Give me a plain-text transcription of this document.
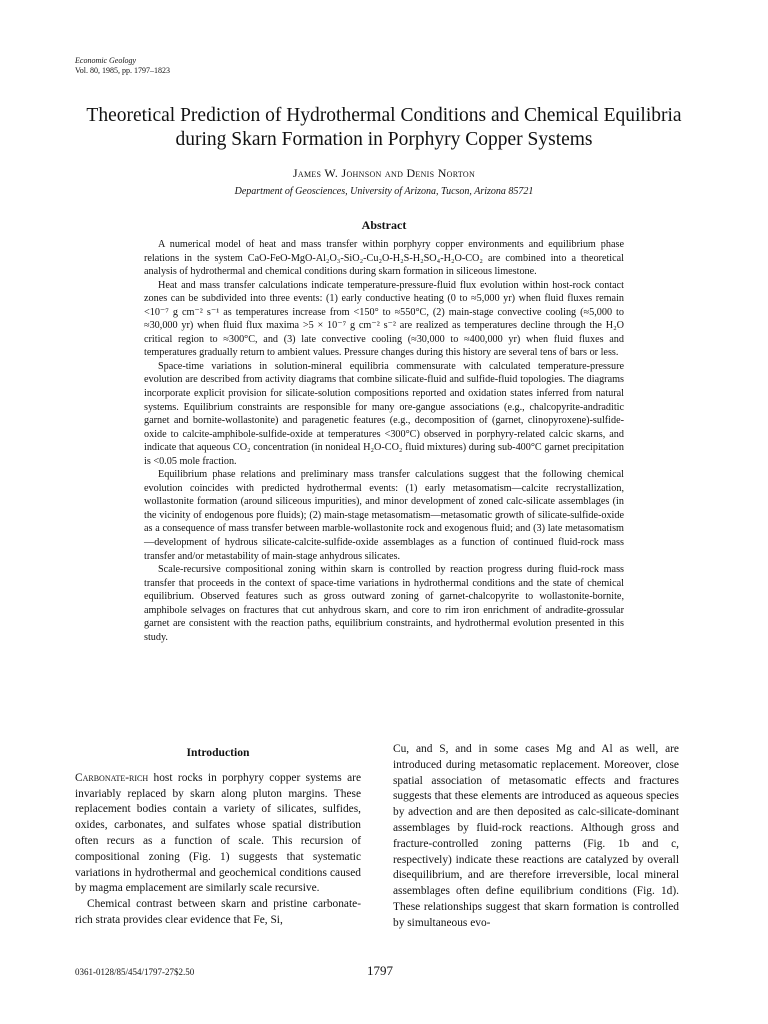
Economic Geology
Vol. 80, 1985, pp. 1797–1823
Theoretical Prediction of Hydrothermal Conditions and Chemical Equilibria during Skarn Formation in Porphyry Copper Systems
James W. Johnson and Denis Norton
Department of Geosciences, University of Arizona, Tucson, Arizona 85721
Abstract

A numerical model of heat and mass transfer within porphyry copper environments and equilibrium phase relations in the system CaO-FeO-MgO-Al₂O₃-SiO₂-Cu₂O-H₂S-H₂SO₄-H₂O-CO₂ are combined into a theoretical analysis of hydrothermal and chemical conditions during skarn formation in siliceous limestone.

Heat and mass transfer calculations indicate temperature-pressure-fluid flux evolution within host-rock contact zones can be subdivided into three events: (1) early conductive heating (0 to ≈5,000 yr) when fluid fluxes remain <10⁻⁷ g cm⁻² s⁻¹ as temperatures increase from <150° to ≈550°C, (2) main-stage convective cooling (≈5,000 to ≈30,000 yr) when fluid flux maxima >5 × 10⁻⁷ g cm⁻² s⁻² are realized as temperatures decline through the H₂O critical region to ≈300°C, and (3) late convective cooling (≈30,000 to ≈400,000 yr) when fluid fluxes and temperatures gradually return to ambient values. Pressure changes during this history are several tens of bars or less.

Space-time variations in solution-mineral equilibria commensurate with calculated temperature-pressure evolution are described from activity diagrams that combine silicate-fluid and sulfide-fluid topologies. The diagrams incorporate explicit provision for silicate-solution compositions reported and oxidation states inferred from natural systems. Equilibrium constraints are responsible for many ore-gangue associations (e.g., chalcopyrite-andraditic garnet and bornite-wollastonite) and paragenetic features (e.g., decomposition of (garnet, clinopyroxene)-sulfide-oxide to calcite-amphibole-sulfide-oxide at temperatures <300°C) observed in porphyry-related calcic skarns, and indicate that aqueous CO₂ concentration (in nonideal H₂O-CO₂ fluid mixtures) during sub-400°C garnet precipitation is <0.05 mole fraction.

Equilibrium phase relations and preliminary mass transfer calculations suggest that the following chemical evolution coincides with predicted hydrothermal events: (1) early metasomatism—calcite recrystallization, wollastonite formation (around siliceous impurities), and minor development of zoned calc-silicate assemblages (in the vicinity of endogenous pore fluids); (2) main-stage metasomatism—metasomatic growth of silicate-sulfide-oxide as a consequence of mass transfer between marble-wollastonite rock and exogenous fluid; and (3) late metasomatism—development of hydrous silicate-calcite-sulfide-oxide assemblages as a function of continued fluid-rock mass transfer and/or metastability of main-stage anhydrous silicates.

Scale-recursive compositional zoning within skarn is controlled by reaction progress during fluid-rock mass transfer that proceeds in the context of space-time variations in hydrothermal conditions and the state of chemical equilibrium. Observed features such as gross outward zoning of garnet-chalcopyrite to wollastonite-bornite, amphibole selvages on fractures that cut anhydrous skarn, and core to rim iron enrichment of andradite-grossular garnet are consistent with the reaction paths, equilibrium constraints, and hydrothermal evolution presented in this study.

Introduction

Carbonate-rich host rocks in porphyry copper systems are invariably replaced by skarn along pluton margins. These replacement bodies contain a variety of silicates, sulfides, oxides, carbonates, and sulfates whose spatial distribution often recurs as a function of scale. This recursion of compositional zoning (Fig. 1) suggests that systematic variations in hydrothermal and geochemical conditions caused by magma emplacement are similarly scale recursive.

Chemical contrast between skarn and pristine carbonate-rich strata provides clear evidence that Fe, Si,

Cu, and S, and in some cases Mg and Al as well, are introduced during metasomatic replacement. Moreover, close spatial association of metasomatic effects and fractures suggests that these elements are introduced as aqueous species by advection and are then deposited as calc-silicate-dominant assemblages by fluid-rock reactions. Although gross and fracture-controlled zoning patterns (Fig. 1b and c, respectively) indicate these reactions are catalyzed by overall disequilibrium, and are therefore irreversible, local mineral assemblages often define equilibrium conditions (Fig. 1d). These relationships suggest that skarn formation is controlled by simultaneous evo-

0361-0128/85/454/1797-27$2.50	1797
